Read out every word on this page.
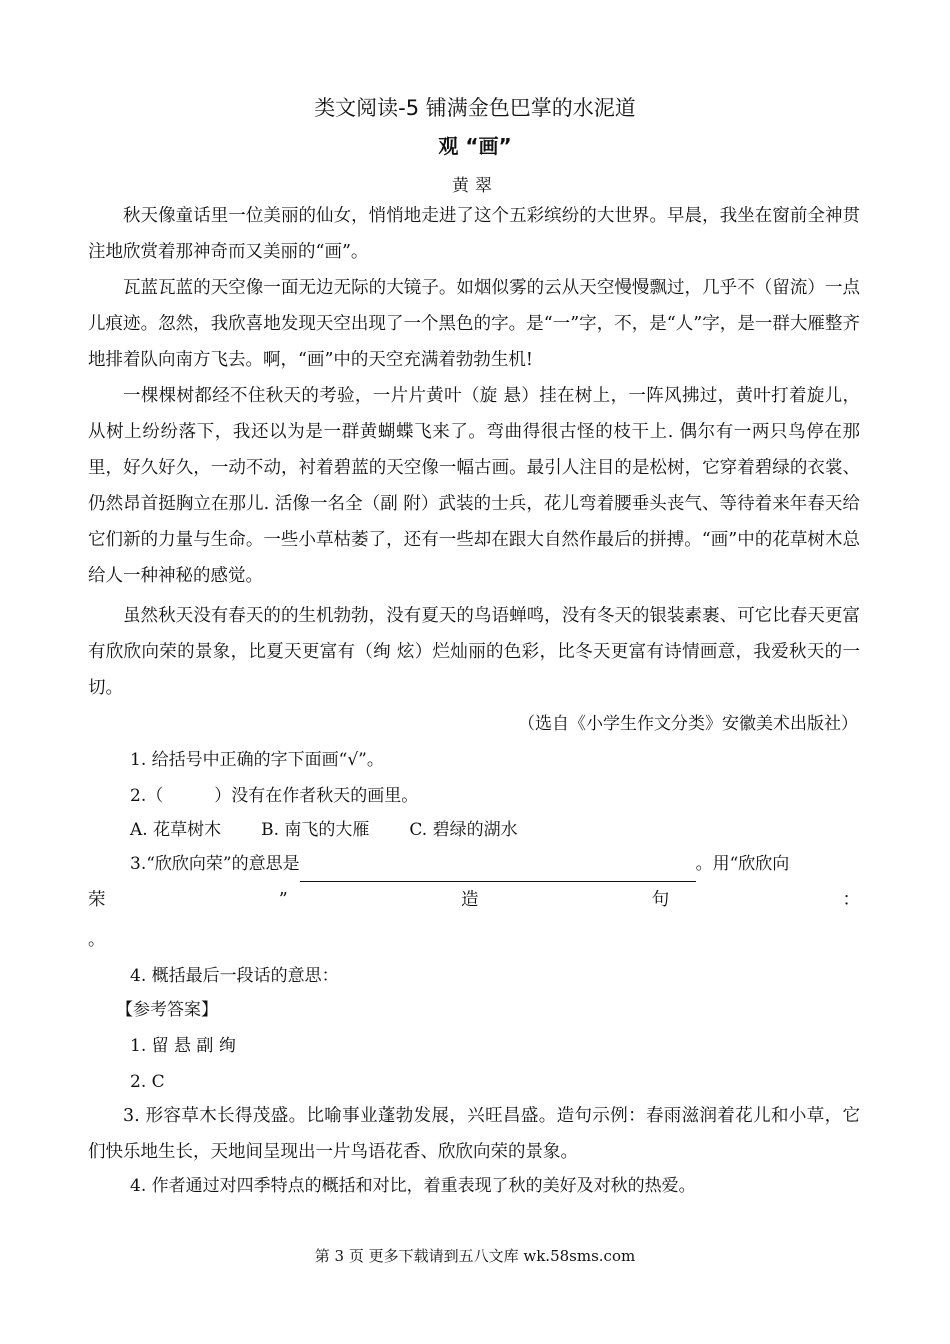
类文阅读-5 铺满金色巴掌的水泥道
观 “画”
黄翠

秋天像童话里一位美丽的仙女，悄悄地走进了这个五彩缤纷的大世界。早晨，我坐在窗前全神贯注地欣赏着那神奇而又美丽的“画”。

瓦蓝瓦蓝的天空像一面无边无际的大镜子。如烟似雾的云从天空慢慢飘过，几乎不（留流）一点儿痕迹。忽然，我欣喜地发现天空出现了一个黑色的字。是“一”字，不，是“人”字，是一群大雁整齐地排着队向南方飞去。啊，“画”中的天空充满着勃勃生机!

一棵棵树都经不住秋天的考验，一片片黄叶（旋 悬）挂在树上，一阵风拂过，黄叶打着旋儿，从树上纷纷落下，我还以为是一群黄蝴蝶飞来了。弯曲得很古怪的枝干上. 偶尔有一两只鸟停在那里，好久好久，一动不动，衬着碧蓝的天空像一幅古画。最引人注目的是松树，它穿着碧绿的衣裳、仍然昂首挺胸立在那儿. 活像一名全（副 附）武装的士兵，花儿弯着腰垂头丧气、等待着来年春天给它们新的力量与生命。一些小草枯萎了，还有一些却在跟大自然作最后的拼搏。“画”中的花草树木总给人一种神秘的感觉。

虽然秋天没有春天的的生机勃勃，没有夏天的鸟语蝉鸣，没有冬天的银装素裹、可它比春天更富有欣欣向荣的景象，比夏天更富有（绚 炫）烂灿丽的色彩，比冬天更富有诗情画意，我爱秋天的一切。

（选自《小学生作文分类》安徽美术出版社）

1. 给括号中正确的字下面画“√”。

2.（　　　）没有在作者秋天的画里。

A. 花草树木 B. 南飞的大雁 C. 碧绿的湖水

3.“欣欣向荣”的意思是	。用“欣欣向

荣	”	造	句	：

。

4. 概括最后一段话的意思：

【参考答案】

1. 留 悬 副 绚

2. C

3. 形容草木长得茂盛。比喻事业蓬勃发展，兴旺昌盛。造句示例：春雨滋润着花儿和小草，它们快乐地生长，天地间呈现出一片鸟语花香、欣欣向荣的景象。

4. 作者通过对四季特点的概括和对比，着重表现了秋的美好及对秋的热爱。

第 3 页 更多下载请到五八文库 wk.58sms.com
